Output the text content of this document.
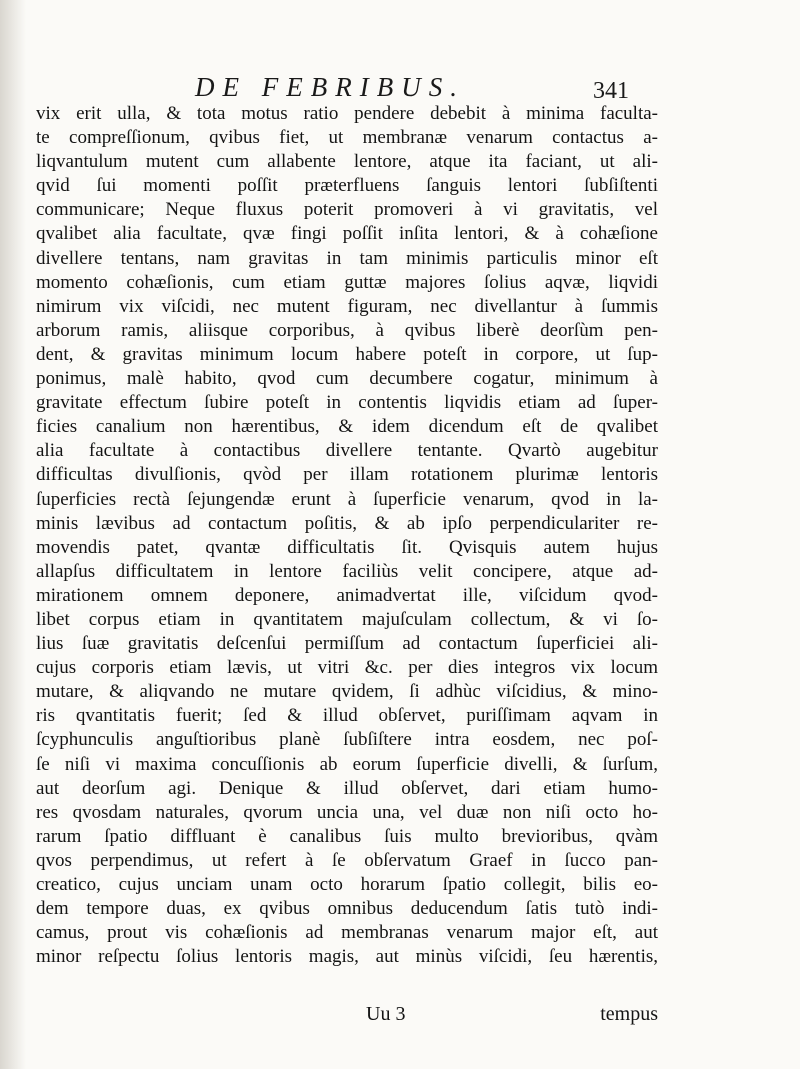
DE FEBRIBUS.	341
vix erit ulla, & tota motus ratio pendere debebit à minima faculta-
te compreſſionum, qvibus fiet, ut membranæ venarum contactus a-
liqvantulum mutent cum allabente lentore, atque ita faciant, ut ali-
qvid ſui momenti poſſit præterfluens ſanguis lentori ſubſiſtenti
communicare; Neque fluxus poterit promoveri à vi gravitatis, vel
qvalibet alia facultate, qvæ fingi poſſit inſita lentori, & à cohæſione
divellere tentans, nam gravitas in tam minimis particulis minor eſt
momento cohæſionis, cum etiam guttæ majores ſolius aqvæ, liqvidi
nimirum vix viſcidi, nec mutent figuram, nec divellantur à ſummis
arborum ramis, aliisque corporibus, à qvibus liberè deorſùm pen-
dent, & gravitas minimum locum habere poteſt in corpore, ut ſup-
ponimus, malè habito, qvod cum decumbere cogatur, minimum à
gravitate effectum ſubire poteſt in contentis liqvidis etiam ad ſuper-
ficies canalium non hærentibus, & idem dicendum eſt de qvalibet
alia facultate à contactibus divellere tentante. Qvartò augebitur
difficultas divulſionis, qvòd per illam rotationem plurimæ lentoris
ſuperficies rectà ſejungendæ erunt à ſuperficie venarum, qvod in la-
minis lævibus ad contactum poſitis, & ab ipſo perpendiculariter re-
movendis patet, qvantæ difficultatis ſit. Qvisquis autem hujus
allapſus difficultatem in lentore faciliùs velit concipere, atque ad-
mirationem omnem deponere, animadvertat ille, viſcidum qvod-
libet corpus etiam in qvantitatem majuſculam collectum, & vi ſo-
lius ſuæ gravitatis deſcenſui permiſſum ad contactum ſuperficiei ali-
cujus corporis etiam lævis, ut vitri &c. per dies integros vix locum
mutare, & aliqvando ne mutare qvidem, ſi adhùc viſcidius, & mino-
ris qvantitatis fuerit; ſed & illud obſervet, puriſſimam aqvam in
ſcyphunculis anguſtioribus planè ſubſiſtere intra eosdem, nec poſ-
ſe niſi vi maxima concuſſionis ab eorum ſuperficie divelli, & ſurſum,
aut deorſum agi. Denique & illud obſervet, dari etiam humo-
res qvosdam naturales, qvorum uncia una, vel duæ non niſi octo ho-
rarum ſpatio diffluant è canalibus ſuis multo brevioribus, qvàm
qvos perpendimus, ut refert à ſe obſervatum Graef in ſucco pan-
creatico, cujus unciam unam octo horarum ſpatio collegit, bilis eo-
dem tempore duas, ex qvibus omnibus deducendum ſatis tutò indi-
camus, prout vis cohæſionis ad membranas venarum major eſt, aut
minor reſpectu ſolius lentoris magis, aut minùs viſcidi, ſeu hærentis,
Uu 3	tempus
